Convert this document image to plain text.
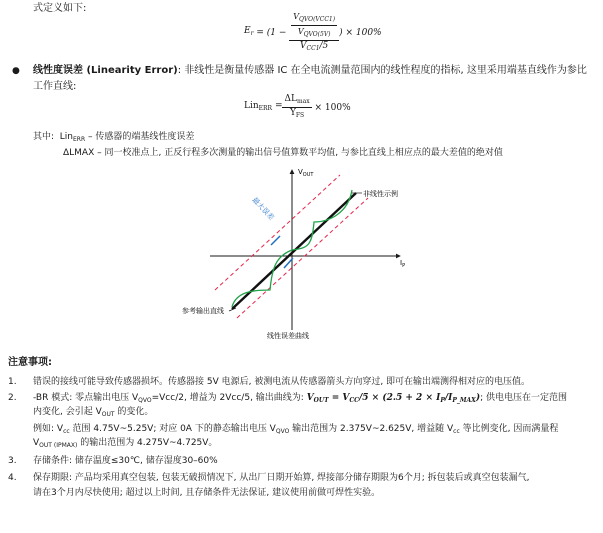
式定义如下:
$E_r = (1 - \frac{\frac{V_{QVO(VCC1)}}{V_{QVO(5V)}}}{V_{CC1}/5}$ ) × 100%
● 线性度误差 (Linearity Error): 非线性是衡量传感器 IC 在全电流测量范围内的线性程度的指标, 这里采用端基直线作为参比
工作直线:
$Lin_{ERR} = \frac{\Delta L_{max}}{Y_{FS}} \times 100\%$
其中: Lin$_{ERR}$ – 传感器的端基线性度误差
ΔLMAX – 同一校准点上, 正反行程多次测量的输出信号值算数平均值, 与参比直线上相应点的最大差值的绝对值
$V_{OUT}$
$I_P$
最大误差
非线性示例
参考输出直线
线性误差曲线
注意事项:
1. 错误的接线可能导致传感器损坏。传感器接 5V 电源后, 被测电流从传感器箭头方向穿过, 即可在输出端测得相对应的电压值。
2. -BR 模式: 零点输出电压 $V_{QVO}=Vcc/2$, 增益为 2Vcc/5, 输出曲线为: $V_{OUT} = V_{CC}/5 \times (2.5 + 2 \times I_P/I_{P\_MAX})$; 供电电压在一定范围
内变化, 会引起 $V_{OUT}$ 的变化。
例如: $V_{cc}$ 范围 4.75V~5.25V; 对应 0A 下的静态输出电压 $V_{QVO}$ 输出范围为 2.375V~2.625V, 增益随 $V_{cc}$ 等比例变化, 因而满量程
$V_{OUT (IPMAX)}$ 的输出范围为 4.275V~4.725V。
3. 存储条件: 储存温度≤30℃, 储存湿度30–60%
4. 保存期限: 产品均采用真空包装, 包装无破损情况下, 从出厂日期开始算, 焊接部分储存期限为6个月; 拆包装后或真空包装漏气,
请在3个月内尽快使用; 超过以上时间, 且存储条件无法保证, 建议使用前做可焊性实验。
